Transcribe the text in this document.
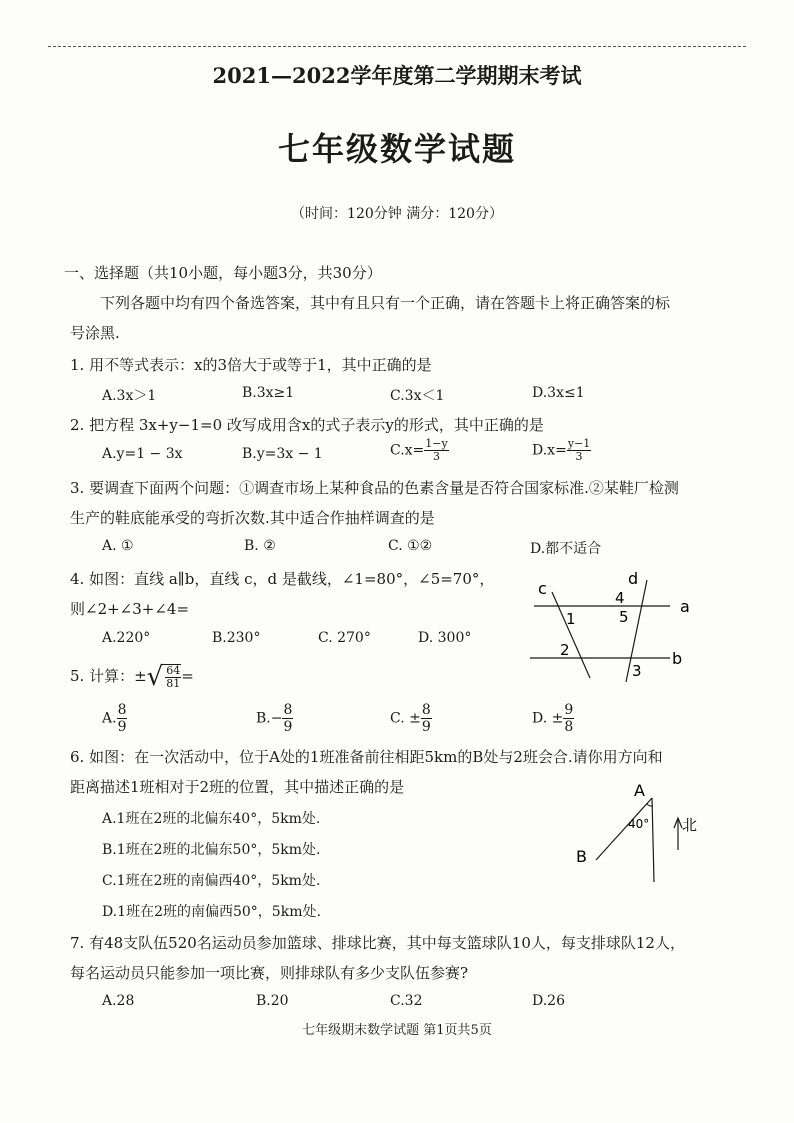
2021—2022学年度第二学期期末考试
七年级数学试题
（时间：120分钟 满分：120分）
一、选择题（共10小题，每小题3分，共30分）
下列各题中均有四个备选答案，其中有且只有一个正确，请在答题卡上将正确答案的标
号涂黑.
1. 用不等式表示：x的3倍大于或等于1，其中正确的是
A.3x＞1	B.3x≥1	C.3x＜1	D.3x≤1
2. 把方程 3x+y−1=0 改写成用含x的式子表示y的形式，其中正确的是
A.y=1 − 3x	B.y=3x − 1	$C.x= \frac{1-y}{3}$	$D.x= \frac{y-1}{3}$
3. 要调查下面两个问题：①调查市场上某种食品的色素含量是否符合国家标准.②某鞋厂检测
生产的鞋底能承受的弯折次数.其中适合作抽样调查的是
A. ①	B. ②	C. ①②	D.都不适合
4. 如图：直线 a∥b，直线 c，d 是截线，∠1=80°，∠5=70°，
则∠2+∠3+∠4=
A.220°	B.230°	C. 270°	D. 300°
a
b
c
d
1
2
3
4
5
5. 计算：± √ $\frac{64}{81}$ =
A. $\frac{8}{9}$	$B.- \frac{8}{9}$	C. ± $\frac{8}{9}$	D. ± $\frac{9}{8}$
6. 如图：在一次活动中，位于A处的1班准备前往相距5km的B处与2班会合.请你用方向和
距离描述1班相对于2班的位置，其中描述正确的是
A.1班在2班的北偏东40°，5km处.
B.1班在2班的北偏东50°，5km处.
C.1班在2班的南偏西40°，5km处.
D.1班在2班的南偏西50°，5km处.
A
B
40° 北
7. 有48支队伍520名运动员参加篮球、排球比赛，其中每支篮球队10人，每支排球队12人，
每名运动员只能参加一项比赛，则排球队有多少支队伍参赛?
A.28	B.20	C.32	D.26
七年级期末数学试题 第1页共5页
